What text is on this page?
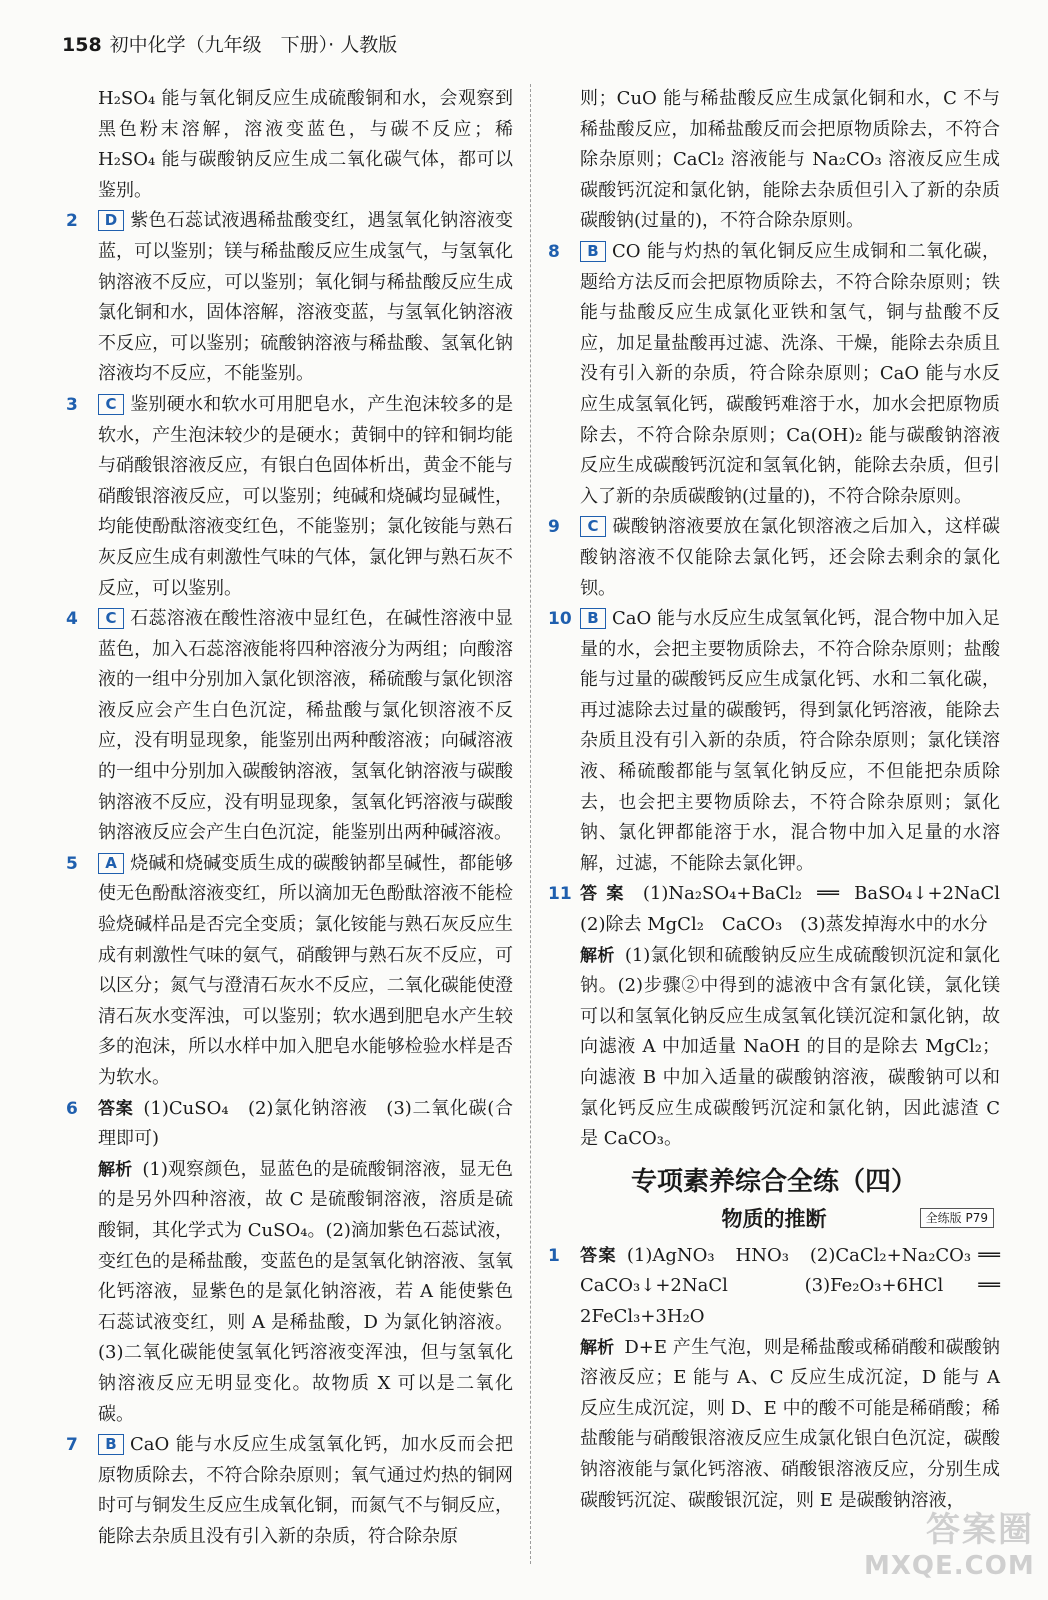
158 初中化学（九年级　下册）· 人教版
H₂SO₄ 能与氧化铜反应生成硫酸铜和水，会观察到黑色粉末溶解，溶液变蓝色，与碳不反应；稀 H₂SO₄ 能与碳酸钠反应生成二氧化碳气体，都可以鉴别。
2 D 紫色石蕊试液遇稀盐酸变红，遇氢氧化钠溶液变蓝，可以鉴别；镁与稀盐酸反应生成氢气，与氢氧化钠溶液不反应，可以鉴别；氧化铜与稀盐酸反应生成氯化铜和水，固体溶解，溶液变蓝，与氢氧化钠溶液不反应，可以鉴别；硫酸钠溶液与稀盐酸、氢氧化钠溶液均不反应，不能鉴别。
3 C 鉴别硬水和软水可用肥皂水，产生泡沫较多的是软水，产生泡沫较少的是硬水；黄铜中的锌和铜均能与硝酸银溶液反应，有银白色固体析出，黄金不能与硝酸银溶液反应，可以鉴别；纯碱和烧碱均显碱性，均能使酚酞溶液变红色，不能鉴别；氯化铵能与熟石灰反应生成有刺激性气味的气体，氯化钾与熟石灰不反应，可以鉴别。
4 C 石蕊溶液在酸性溶液中显红色，在碱性溶液中显蓝色，加入石蕊溶液能将四种溶液分为两组；向酸溶液的一组中分别加入氯化钡溶液，稀硫酸与氯化钡溶液反应会产生白色沉淀，稀盐酸与氯化钡溶液不反应，没有明显现象，能鉴别出两种酸溶液；向碱溶液的一组中分别加入碳酸钠溶液，氢氧化钠溶液与碳酸钠溶液不反应，没有明显现象，氢氧化钙溶液与碳酸钠溶液反应会产生白色沉淀，能鉴别出两种碱溶液。
5 A 烧碱和烧碱变质生成的碳酸钠都呈碱性，都能够使无色酚酞溶液变红，所以滴加无色酚酞溶液不能检验烧碱样品是否完全变质；氯化铵能与熟石灰反应生成有刺激性气味的氨气，硝酸钾与熟石灰不反应，可以区分；氮气与澄清石灰水不反应，二氧化碳能使澄清石灰水变浑浊，可以鉴别；软水遇到肥皂水产生较多的泡沫，所以水样中加入肥皂水能够检验水样是否为软水。
6 答案 (1)CuSO₄　(2)氯化钠溶液　(3)二氧化碳(合理即可)
解析 (1)观察颜色，显蓝色的是硫酸铜溶液，显无色的是另外四种溶液，故 C 是硫酸铜溶液，溶质是硫酸铜，其化学式为 CuSO₄。(2)滴加紫色石蕊试液，变红色的是稀盐酸，变蓝色的是氢氧化钠溶液、氢氧化钙溶液，显紫色的是氯化钠溶液，若 A 能使紫色石蕊试液变红，则 A 是稀盐酸，D 为氯化钠溶液。(3)二氧化碳能使氢氧化钙溶液变浑浊，但与氢氧化钠溶液反应无明显变化。故物质 X 可以是二氧化碳。
7 B CaO 能与水反应生成氢氧化钙，加水反而会把原物质除去，不符合除杂原则；氧气通过灼热的铜网时可与铜发生反应生成氧化铜，而氮气不与铜反应，能除去杂质且没有引入新的杂质，符合除杂原
则；CuO 能与稀盐酸反应生成氯化铜和水，C 不与稀盐酸反应，加稀盐酸反而会把原物质除去，不符合除杂原则；CaCl₂ 溶液能与 Na₂CO₃ 溶液反应生成碳酸钙沉淀和氯化钠，能除去杂质但引入了新的杂质碳酸钠(过量的)，不符合除杂原则。
8 B CO 能与灼热的氧化铜反应生成铜和二氧化碳，题给方法反而会把原物质除去，不符合除杂原则；铁能与盐酸反应生成氯化亚铁和氢气，铜与盐酸不反应，加足量盐酸再过滤、洗涤、干燥，能除去杂质且没有引入新的杂质，符合除杂原则；CaO 能与水反应生成氢氧化钙，碳酸钙难溶于水，加水会把原物质除去，不符合除杂原则；Ca(OH)₂ 能与碳酸钠溶液反应生成碳酸钙沉淀和氢氧化钠，能除去杂质，但引入了新的杂质碳酸钠(过量的)，不符合除杂原则。
9 C 碳酸钠溶液要放在氯化钡溶液之后加入，这样碳酸钠溶液不仅能除去氯化钙，还会除去剩余的氯化钡。
10 B CaO 能与水反应生成氢氧化钙，混合物中加入足量的水，会把主要物质除去，不符合除杂原则；盐酸能与过量的碳酸钙反应生成氯化钙、水和二氧化碳，再过滤除去过量的碳酸钙，得到氯化钙溶液，能除去杂质且没有引入新的杂质，符合除杂原则；氯化镁溶液、稀硫酸都能与氢氧化钠反应，不但能把杂质除去，也会把主要物质除去，不符合除杂原则；氯化钠、氯化钾都能溶于水，混合物中加入足量的水溶解，过滤，不能除去氯化钾。
11 答案 (1)Na₂SO₄+BaCl₂ ══ BaSO₄↓+2NaCl　(2)除去 MgCl₂　CaCO₃　(3)蒸发掉海水中的水分
解析 (1)氯化钡和硫酸钠反应生成硫酸钡沉淀和氯化钠。(2)步骤②中得到的滤液中含有氯化镁，氯化镁可以和氢氧化钠反应生成氢氧化镁沉淀和氯化钠，故向滤液 A 中加适量 NaOH 的目的是除去 MgCl₂；向滤液 B 中加入适量的碳酸钠溶液，碳酸钠可以和氯化钙反应生成碳酸钙沉淀和氯化钠，因此滤渣 C 是 CaCO₃。
专项素养综合全练（四）
物质的推断	全练版 P79
1 答案 (1)AgNO₃　HNO₃　(2)CaCl₂+Na₂CO₃ ══ CaCO₃↓+2NaCl　(3)Fe₂O₃+6HCl ══ 2FeCl₃+3H₂O
解析 D+E 产生气泡，则是稀盐酸或稀硝酸和碳酸钠溶液反应；E 能与 A、C 反应生成沉淀，D 能与 A 反应生成沉淀，则 D、E 中的酸不可能是稀硝酸；稀盐酸能与硝酸银溶液反应生成氯化银白色沉淀，碳酸钠溶液能与氯化钙溶液、硝酸银溶液反应，分别生成碳酸钙沉淀、碳酸银沉淀，则 E 是碳酸钠溶液，
答案圈
MXQE.COM
